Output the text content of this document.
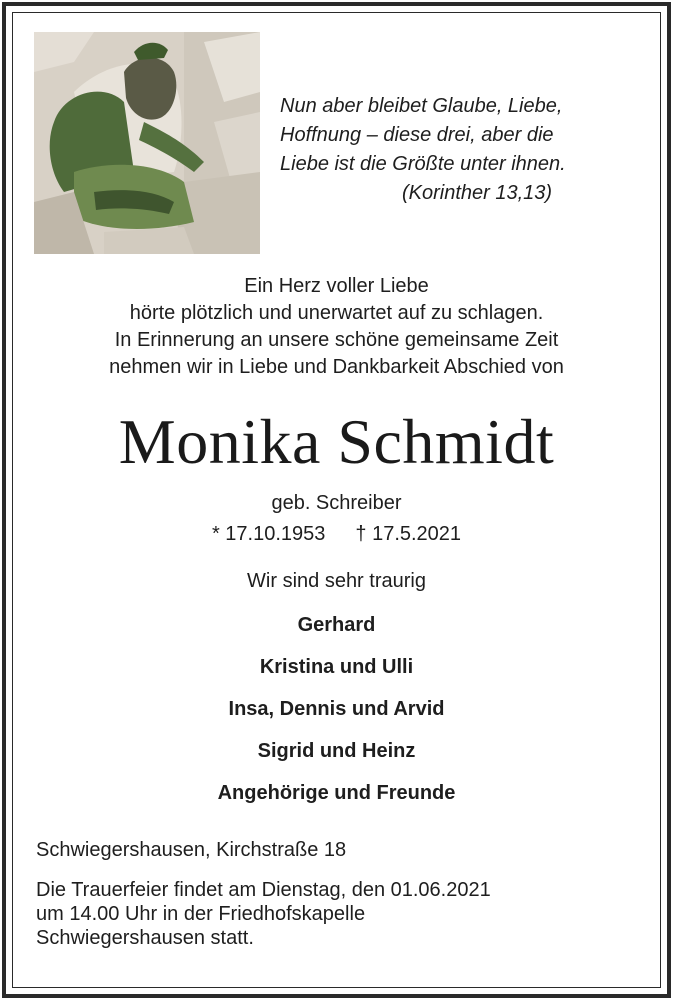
Nun aber bleibet Glaube, Liebe,
Hoffnung – diese drei, aber die
Liebe ist die Größte unter ihnen.
(Korinther 13,13)
Ein Herz voller Liebe
hörte plötzlich und unerwartet auf zu schlagen.
In Erinnerung an unsere schöne gemeinsame Zeit
nehmen wir in Liebe und Dankbarkeit Abschied von
Monika Schmidt
geb. Schreiber
* 17.10.1953 † 17.5.2021
Wir sind sehr traurig
Gerhard
Kristina und Ulli
Insa, Dennis und Arvid
Sigrid und Heinz
Angehörige und Freunde
Schwiegershausen, Kirchstraße 18
Die Trauerfeier findet am Dienstag, den 01.06.2021
um 14.00 Uhr in der Friedhofskapelle
Schwiegershausen statt.
